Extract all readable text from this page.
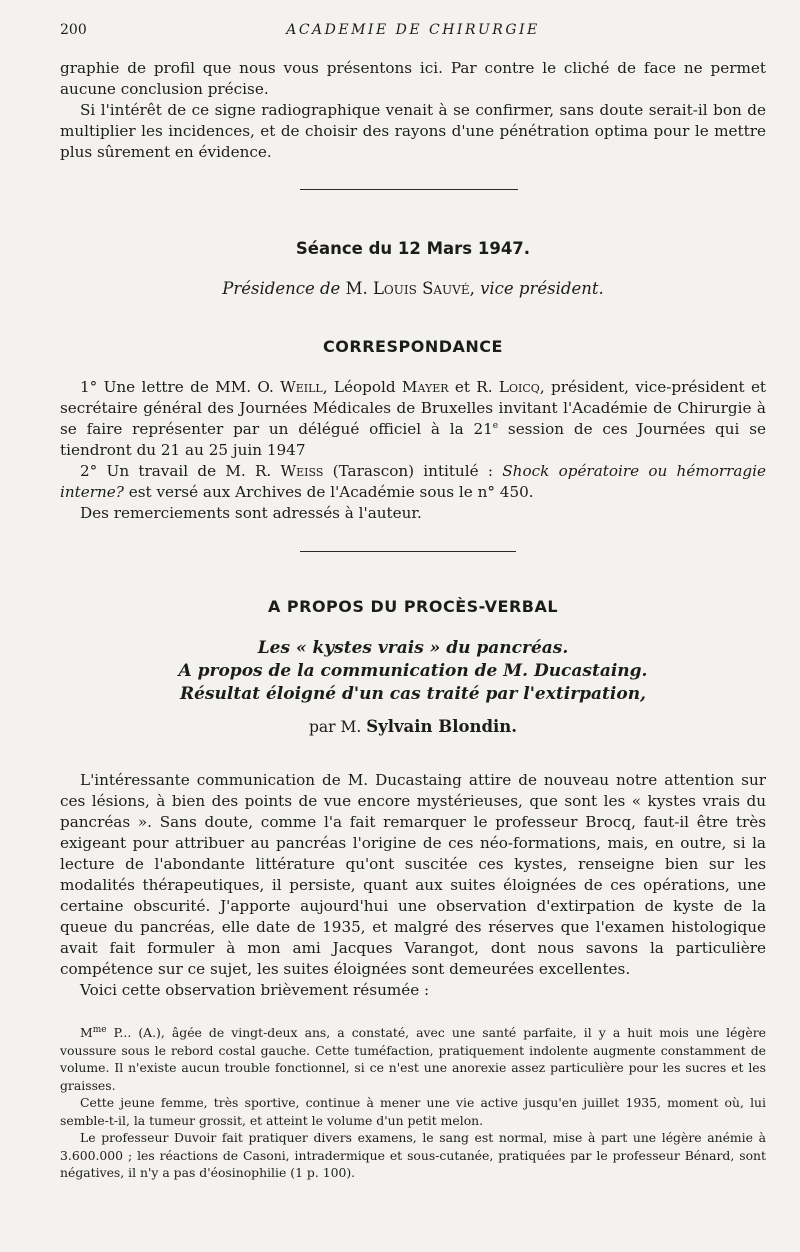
200	ACADEMIE DE CHIRURGIE

graphie de profil que nous vous présentons ici. Par contre le cliché de face ne permet aucune conclusion précise.

Si l'intérêt de ce signe radiographique venait à se confirmer, sans doute serait-il bon de multiplier les incidences, et de choisir des rayons d'une pénétration optima pour le mettre plus sûrement en évidence.

Séance du 12 Mars 1947.

Présidence de M. Louis Sauvé, vice président.

CORRESPONDANCE

1° Une lettre de MM. O. Weill, Léopold Mayer et R. Loicq, président, vice-président et secrétaire général des Journées Médicales de Bruxelles invitant l'Académie de Chirurgie à se faire représenter par un délégué officiel à la 21e session de ces Journées qui se tiendront du 21 au 25 juin 1947

2° Un travail de M. R. Weiss (Tarascon) intitulé : Shock opératoire ou hémorragie interne? est versé aux Archives de l'Académie sous le n° 450.

Des remerciements sont adressés à l'auteur.

A PROPOS DU PROCÈS-VERBAL

Les « kystes vrais » du pancréas.
A propos de la communication de M. Ducastaing.
Résultat éloigné d'un cas traité par l'extirpation,

par M. Sylvain Blondin.

L'intéressante communication de M. Ducastaing attire de nouveau notre attention sur ces lésions, à bien des points de vue encore mystérieuses, que sont les « kystes vrais du pancréas ». Sans doute, comme l'a fait remarquer le professeur Brocq, faut-il être très exigeant pour attribuer au pancréas l'origine de ces néo-formations, mais, en outre, si la lecture de l'abondante littérature qu'ont suscitée ces kystes, renseigne bien sur les modalités thérapeutiques, il persiste, quant aux suites éloignées de ces opérations, une certaine obscurité. J'apporte aujourd'hui une observation d'extirpation de kyste de la queue du pancréas, elle date de 1935, et malgré des réserves que l'examen histologique avait fait formuler à mon ami Jacques Varangot, dont nous savons la particulière compétence sur ce sujet, les suites éloignées sont demeurées excellentes.

Voici cette observation brièvement résumée :

$M^{me}$ P... (A.), âgée de vingt-deux ans, a constaté, avec une santé parfaite, il y a huit mois une légère voussure sous le rebord costal gauche. Cette tuméfaction, pratiquement indolente augmente constamment de volume. Il n'existe aucun trouble fonctionnel, si ce n'est une anorexie assez particulière pour les sucres et les graisses.

Cette jeune femme, très sportive, continue à mener une vie active jusqu'en juillet 1935, moment où, lui semble-t-il, la tumeur grossit, et atteint le volume d'un petit melon.

Le professeur Duvoir fait pratiquer divers examens, le sang est normal, mise à part une légère anémie à 3.600.000 ; les réactions de Casoni, intradermique et sous-cutanée, pratiquées par le professeur Bénard, sont négatives, il n'y a pas d'éosinophilie (1 p. 100).
